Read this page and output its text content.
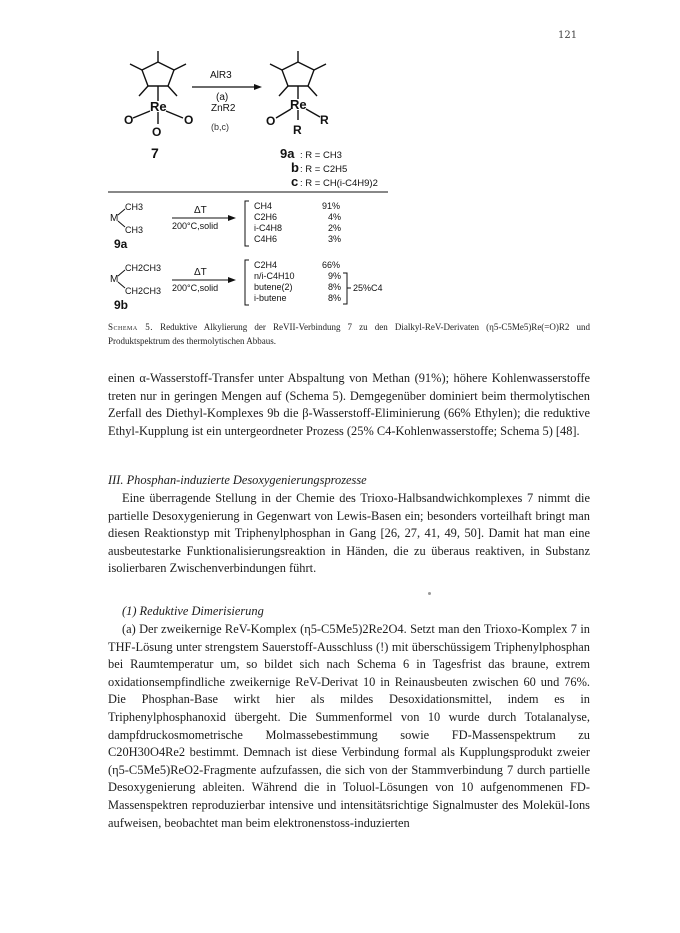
121
Re
O
O
O
7
AlR3
(a)
ZnR2
(b,c)
Re
O
R
R
9a : R = CH3
b : R = C2H5
c : R = CH(i-C4H9)2
M
CH3
CH3
9a
ΔT
200°C,solid
CH4	91%
C2H6	4%
i-C4H8	2%
C4H6	3%
M
CH2CH3
CH2CH3
9b
ΔT
200°C,solid
C2H4	66%
n/i-C4H10	9%
butene(2)	8%
i-butene	8%
25%C4
Schema 5. Reduktive Alkylierung der ReVII-Verbindung 7 zu den Dialkyl-ReV-Derivaten (η5-C5Me5)Re(=O)R2 und Produktspektrum des thermolytischen Abbaus.

einen α-Wasserstoff-Transfer unter Abspaltung von Methan (91%); höhere Kohlenwasserstoffe treten nur in geringen Mengen auf (Schema 5). Demgegenüber dominiert beim thermolytischen Zerfall des Diethyl-Komplexes 9b die β-Wasserstoff-Eliminierung (66% Ethylen); die reduktive Ethyl-Kupplung ist ein untergeordneter Prozess (25% C4-Kohlenwasserstoffe; Schema 5) [48].

III. Phosphan-induzierte Desoxygenierungsprozesse

Eine überragende Stellung in der Chemie des Trioxo-Halbsandwichkomplexes 7 nimmt die partielle Desoxygenierung in Gegenwart von Lewis-Basen ein; besonders vorteilhaft bringt man diesen Reaktionstyp mit Triphenylphosphan in Gang [26, 27, 41, 49, 50]. Damit hat man eine ausbeutestarke Funktionalisierungsreaktion in Händen, die zu überaus reaktiven, in Substanz isolierbaren Zwischenverbindungen führt.

(1) Reduktive Dimerisierung

(a) Der zweikernige ReV-Komplex (η5-C5Me5)2Re2O4. Setzt man den Trioxo-Komplex 7 in THF-Lösung unter strengstem Sauerstoff-Ausschluss (!) mit überschüssigem Triphenylphosphan bei Raumtemperatur um, so bildet sich nach Schema 6 in Tagesfrist das braune, extrem oxidationsempfindliche zweikernige ReV-Derivat 10 in Reinausbeuten zwischen 60 und 76%. Die Phosphan-Base wirkt hier als mildes Desoxidationsmittel, indem es in Triphenylphosphanoxid übergeht. Die Summenformel von 10 wurde durch Totalanalyse, dampfdruckosmometrische Molmassebestimmung sowie FD-Massenspektrum zu C20H30O4Re2 bestimmt. Demnach ist diese Verbindung formal als Kupplungsprodukt zweier (η5-C5Me5)ReO2-Fragmente aufzufassen, die sich von der Stammverbindung 7 durch partielle Desoxygenierung ableiten. Während die in Toluol-Lösungen von 10 aufgenommenen FD-Massenspektren reproduzierbar intensive und intensitätsrichtige Signalmuster des Molekül-Ions aufweisen, beobachtet man beim elektronenstoss-induzierten
